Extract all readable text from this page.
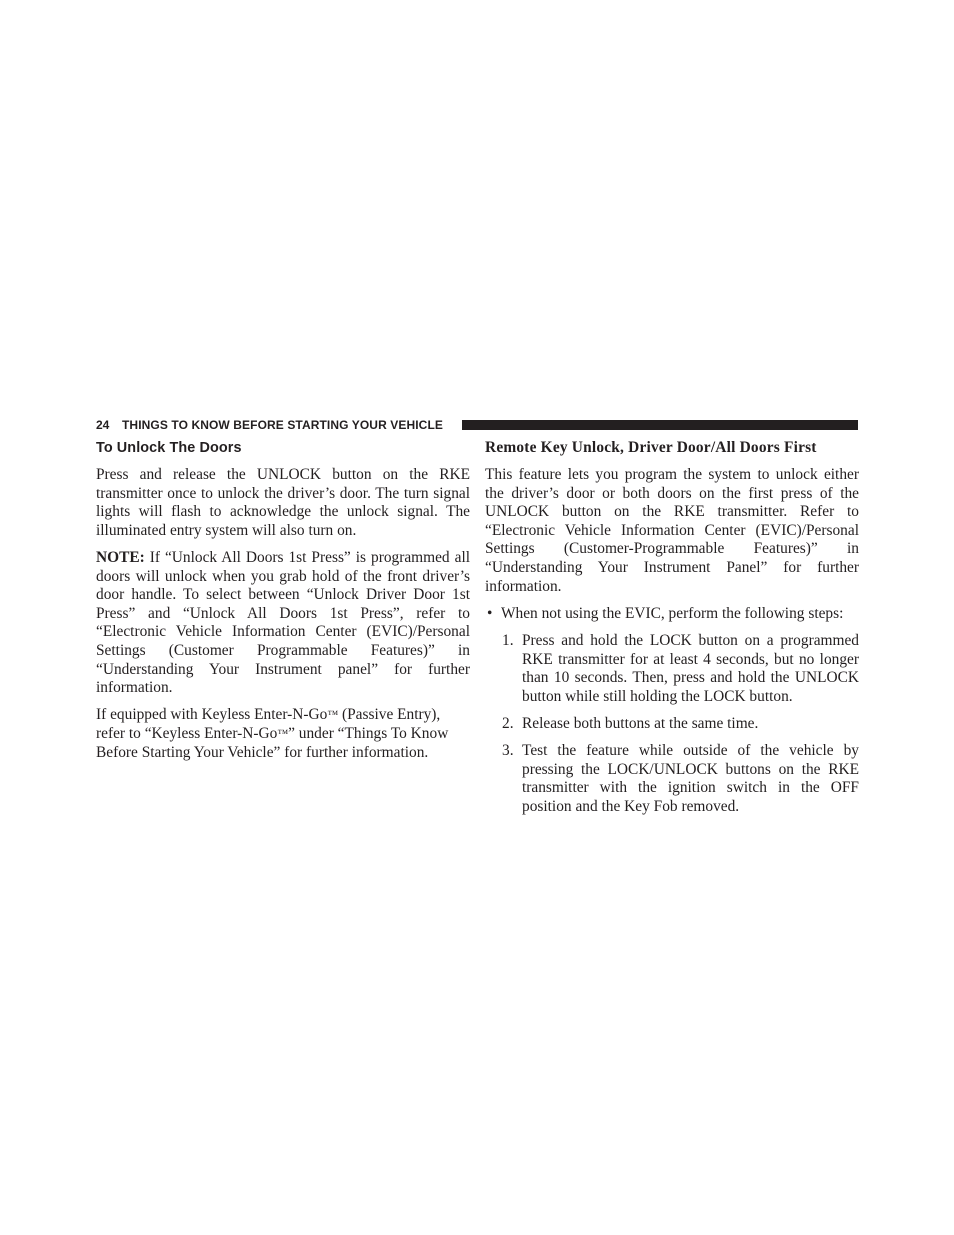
24 THINGS TO KNOW BEFORE STARTING YOUR VEHICLE
To Unlock The Doors

Press and release the UNLOCK button on the RKE transmitter once to unlock the driver’s door. The turn signal lights will flash to acknowledge the unlock signal. The illuminated entry system will also turn on.

NOTE: If “Unlock All Doors 1st Press” is programmed all doors will unlock when you grab hold of the front driver’s door handle. To select between “Unlock Driver Door 1st Press” and “Unlock All Doors 1st Press”, refer to “Electronic Vehicle Information Center (EVIC)/Personal Settings (Customer Programmable Features)” in “Understanding Your Instrument panel” for further information.

If equipped with Keyless Enter-N-Go™ (Passive Entry), refer to “Keyless Enter-N-Go™” under “Things To Know Before Starting Your Vehicle” for further information.

Remote Key Unlock, Driver Door/All Doors First

This feature lets you program the system to unlock either the driver’s door or both doors on the first press of the UNLOCK button on the RKE transmitter. Refer to “Electronic Vehicle Information Center (EVIC)/Personal Settings (Customer-Programmable Features)” in “Understanding Your Instrument Panel” for further information.

• When not using the EVIC, perform the following steps:
1. Press and hold the LOCK button on a programmed RKE transmitter for at least 4 seconds, but no longer than 10 seconds. Then, press and hold the UNLOCK button while still holding the LOCK button.
2. Release both buttons at the same time.
3. Test the feature while outside of the vehicle by pressing the LOCK/UNLOCK buttons on the RKE transmitter with the ignition switch in the OFF position and the Key Fob removed.
